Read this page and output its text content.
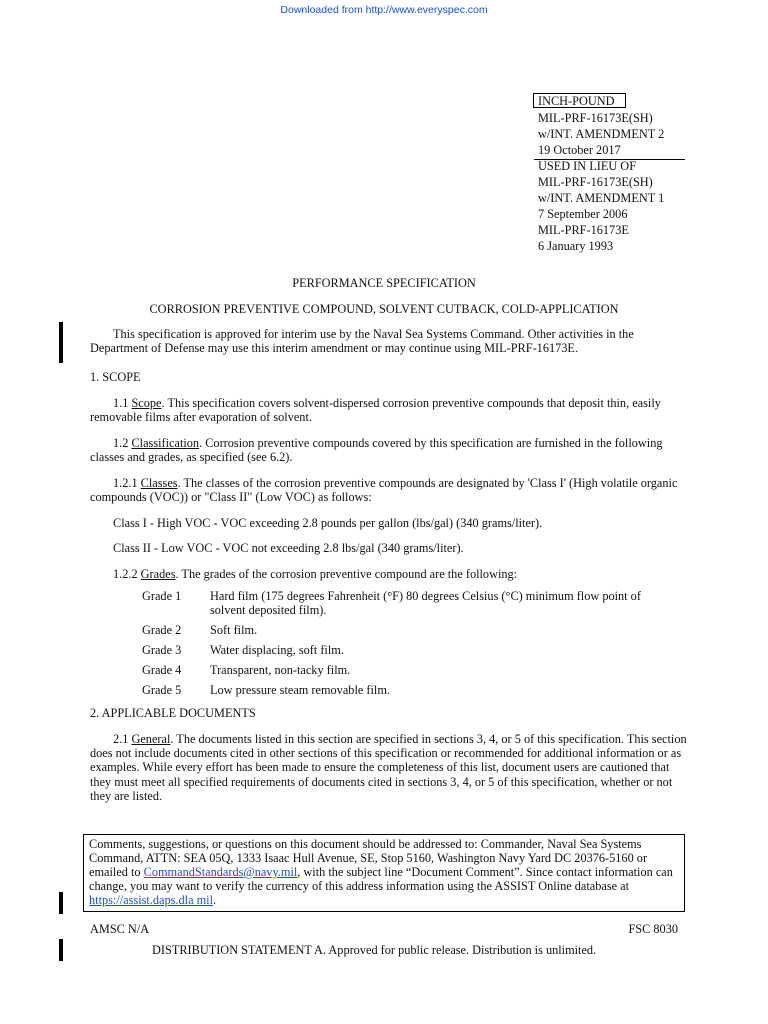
Downloaded from http://www.everyspec.com
INCH-POUND
MIL-PRF-16173E(SH)
w/INT. AMENDMENT 2
19 October 2017
USED IN LIEU OF
MIL-PRF-16173E(SH)
w/INT. AMENDMENT 1
7 September 2006
MIL-PRF-16173E
6 January 1993
PERFORMANCE SPECIFICATION
CORROSION PREVENTIVE COMPOUND, SOLVENT CUTBACK, COLD-APPLICATION
This specification is approved for interim use by the Naval Sea Systems Command. Other activities in the Department of Defense may use this interim amendment or may continue using MIL-PRF-16173E.
1. SCOPE
1.1 Scope. This specification covers solvent-dispersed corrosion preventive compounds that deposit thin, easily removable films after evaporation of solvent.
1.2 Classification. Corrosion preventive compounds covered by this specification are furnished in the following classes and grades, as specified (see 6.2).
1.2.1 Classes. The classes of the corrosion preventive compounds are designated by 'Class I' (High volatile organic compounds (VOC)) or "Class II" (Low VOC) as follows:
Class I - High VOC - VOC exceeding 2.8 pounds per gallon (lbs/gal) (340 grams/liter).
Class II - Low VOC - VOC not exceeding 2.8 lbs/gal (340 grams/liter).
1.2.2 Grades. The grades of the corrosion preventive compound are the following:
Grade 1 Hard film (175 degrees Fahrenheit (°F) 80 degrees Celsius (°C) minimum flow point of solvent deposited film).
Grade 2 Soft film.
Grade 3 Water displacing, soft film.
Grade 4 Transparent, non-tacky film.
Grade 5 Low pressure steam removable film.
2. APPLICABLE DOCUMENTS
2.1 General. The documents listed in this section are specified in sections 3, 4, or 5 of this specification. This section does not include documents cited in other sections of this specification or recommended for additional information or as examples. While every effort has been made to ensure the completeness of this list, document users are cautioned that they must meet all specified requirements of documents cited in sections 3, 4, or 5 of this specification, whether or not they are listed.
Comments, suggestions, or questions on this document should be addressed to: Commander, Naval Sea Systems Command, ATTN: SEA 05Q, 1333 Isaac Hull Avenue, SE, Stop 5160, Washington Navy Yard DC 20376-5160 or emailed to CommandStandards@navy.mil, with the subject line “Document Comment”. Since contact information can change, you may want to verify the currency of this address information using the ASSIST Online database at https://assist.daps.dla mil.
AMSC N/A	FSC 8030
DISTRIBUTION STATEMENT A. Approved for public release. Distribution is unlimited.
